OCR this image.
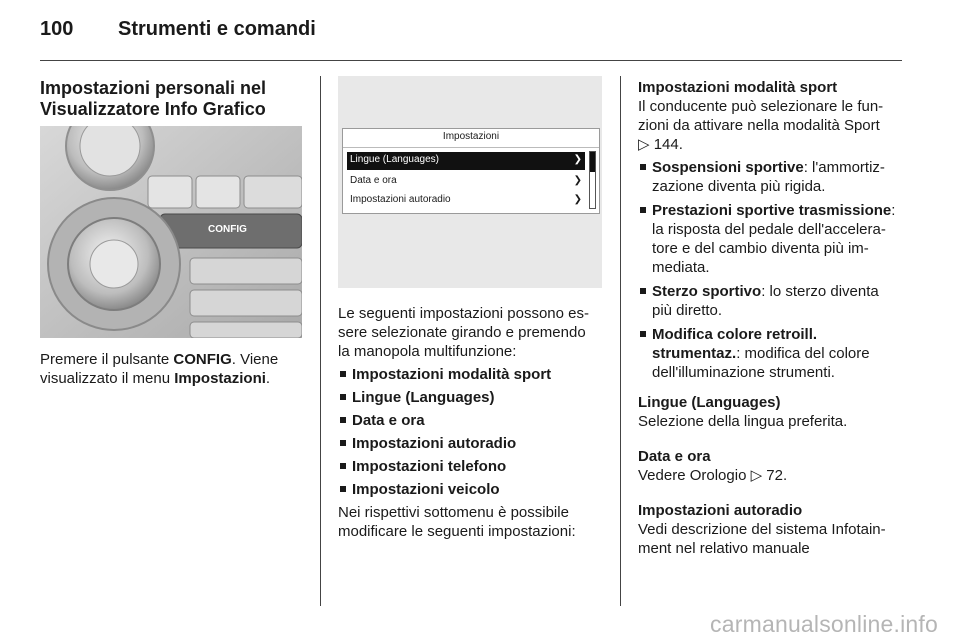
100 Strumenti e comandi

Impostazioni personali nel

Visualizzatore Info Grafico

CONFIG

Premere il pulsante CONFIG. Viene

visualizzato il menu Impostazioni.

Impostazioni
Lingue (Languages)	❯
Data e ora	❯
Impostazioni autoradio	❯

Le seguenti impostazioni possono es-

sere selezionate girando e premendo

la manopola multifunzione:

Impostazioni modalità sport
Lingue (Languages)
Data e ora
Impostazioni autoradio
Impostazioni telefono
Impostazioni veicolo

Nei rispettivi sottomenu è possibile

modificare le seguenti impostazioni:

Impostazioni modalità sport

Il conducente può selezionare le fun-

zioni da attivare nella modalità Sport

▷ 144.

Sospensioni sportive: l'ammortiz-
zazione diventa più rigida.
Prestazioni sportive trasmissione:
la risposta del pedale dell'accelera-
tore e del cambio diventa più im-
mediata.
Sterzo sportivo: lo sterzo diventa
più diretto.
Modifica colore retroill.
strumentaz.: modifica del colore
dell'illuminazione strumenti.

Lingue (Languages)

Selezione della lingua preferita.

Data e ora

Vedere Orologio ▷ 72.

Impostazioni autoradio

Vedi descrizione del sistema Infotain-

ment nel relativo manuale

carmanualsonline.info
